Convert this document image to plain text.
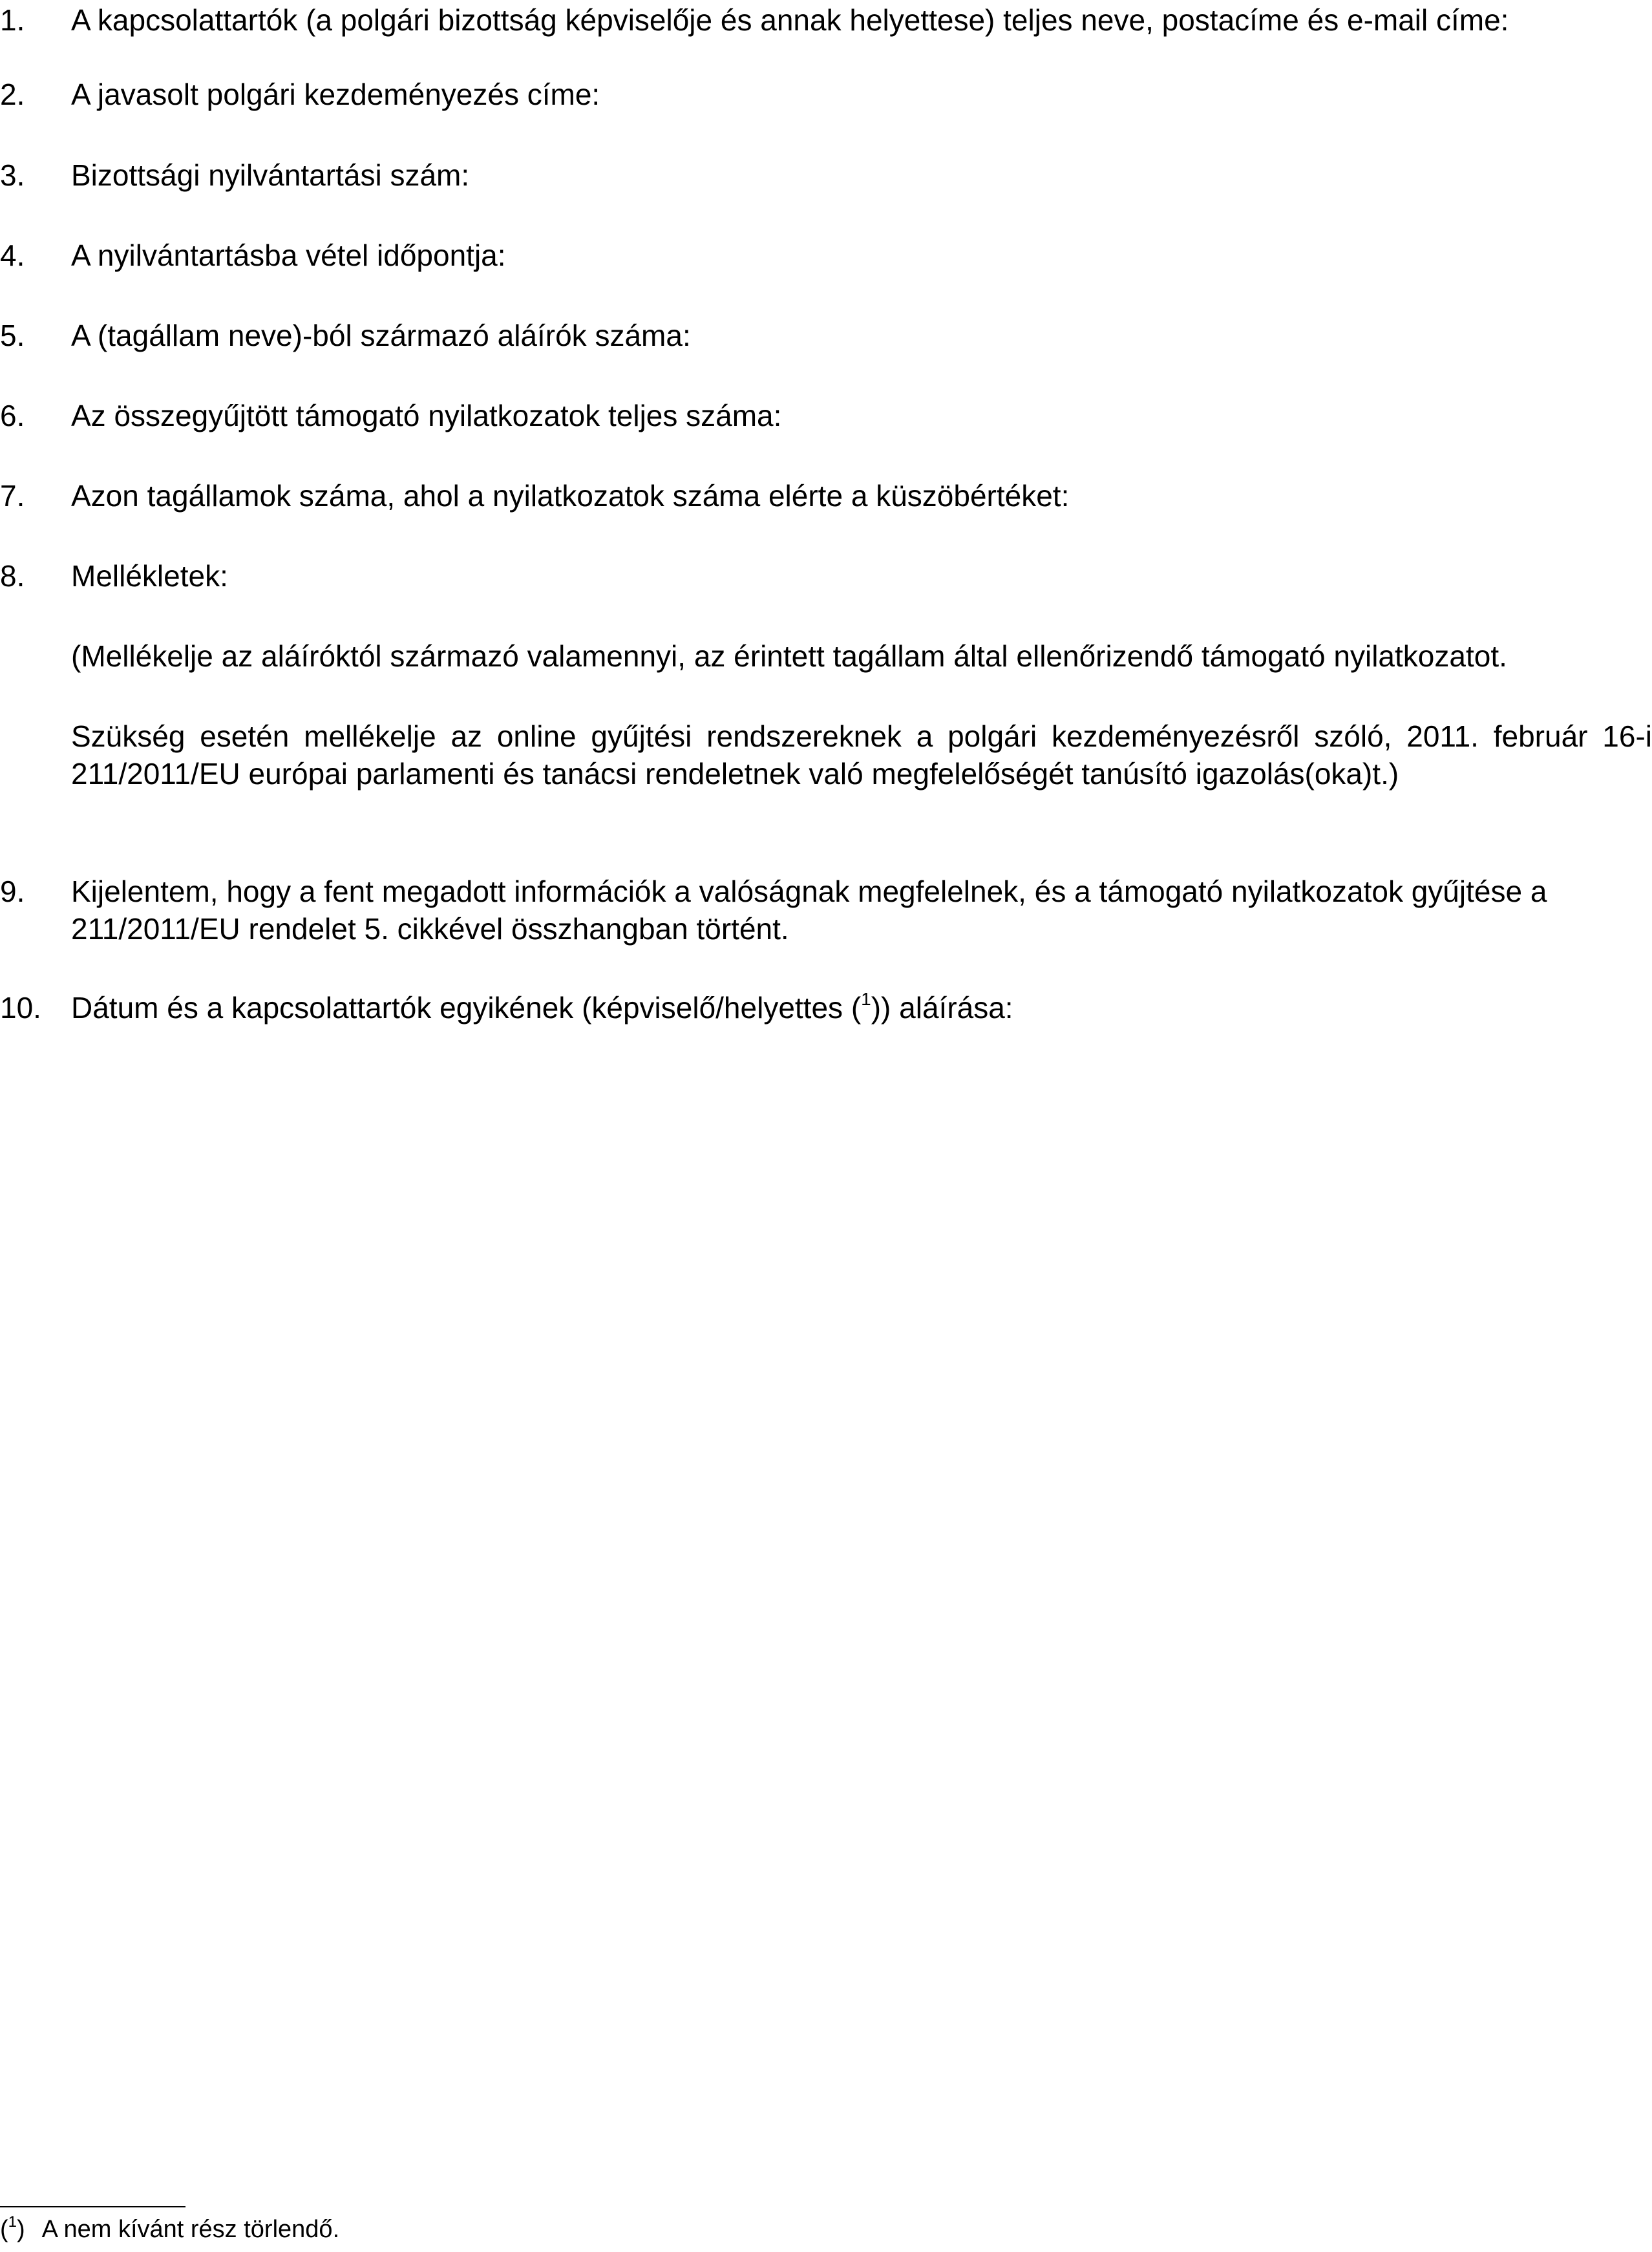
1. A kapcsolattartók (a polgári bizottság képviselője és annak helyettese) teljes neve, postacíme és e-mail címe:
2. A javasolt polgári kezdeményezés címe:
3. Bizottsági nyilvántartási szám:
4. A nyilvántartásba vétel időpontja:
5. A (tagállam neve)-ból származó aláírók száma:
6. Az összegyűjtött támogató nyilatkozatok teljes száma:
7. Azon tagállamok száma, ahol a nyilatkozatok száma elérte a küszöbértéket:
8. Mellékletek:
(Mellékelje az aláíróktól származó valamennyi, az érintett tagállam által ellenőrizendő támogató nyilatkozatot.
Szükség esetén mellékelje az online gyűjtési rendszereknek a polgári kezdeményezésről szóló, 2011. február 16-i 211/2011/EU európai parlamenti és tanácsi rendeletnek való megfelelőségét tanúsító igazolás(oka)t.)
9. Kijelentem, hogy a fent megadott információk a valóságnak megfelelnek, és a támogató nyilatkozatok gyűjtése a 211/2011/EU rendelet 5. cikkével összhangban történt.
10. Dátum és a kapcsolattartók egyikének (képviselő/helyettes ($^1$)) aláírása:
($^1$) A nem kívánt rész törlendő.
